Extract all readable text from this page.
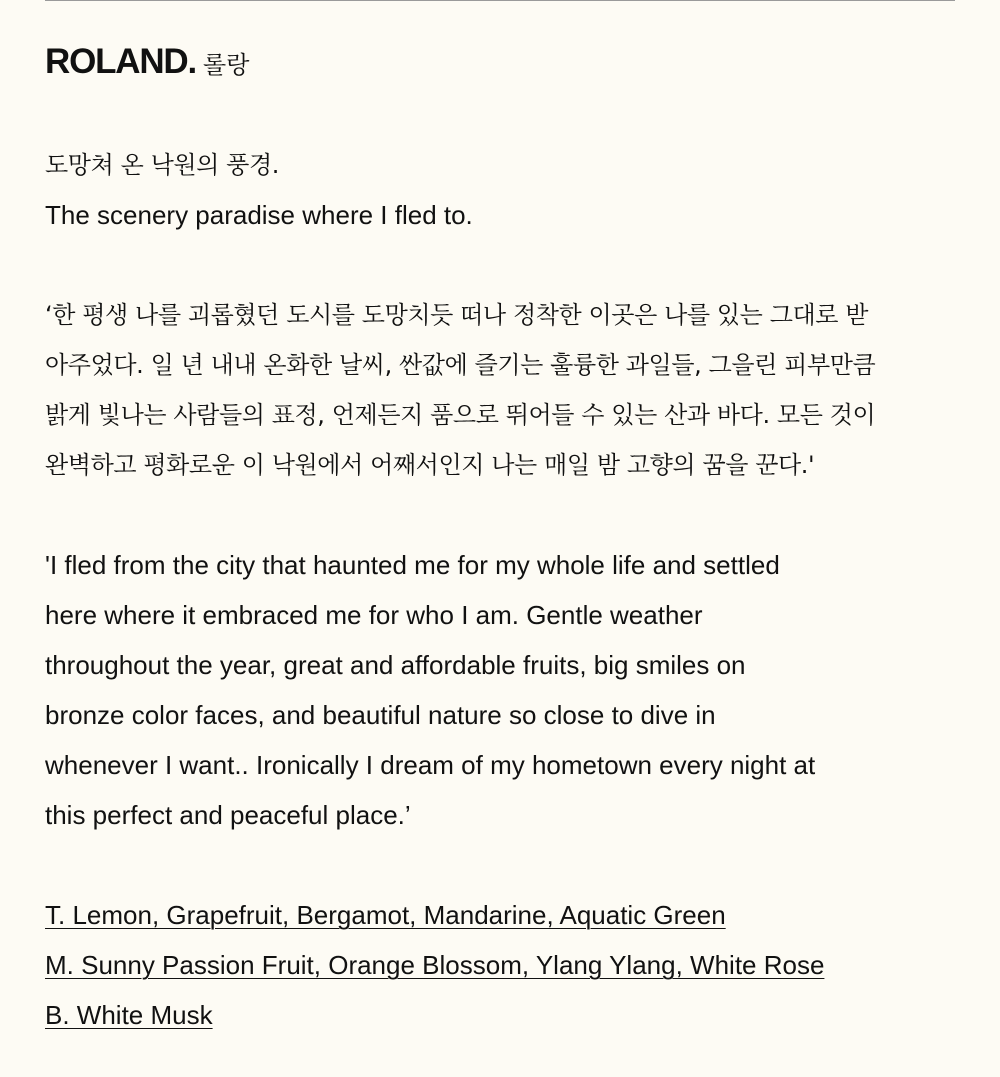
ROLAND. 롤랑

도망쳐 온 낙원의 풍경.

The scenery paradise where I fled to.

‘한 평생 나를 괴롭혔던 도시를 도망치듯 떠나 정착한 이곳은 나를 있는 그대로 받

아주었다. 일 년 내내 온화한 날씨, 싼값에 즐기는 훌륭한 과일들, 그을린 피부만큼

밝게 빛나는 사람들의 표정, 언제든지 품으로 뛰어들 수 있는 산과 바다. 모든 것이

완벽하고 평화로운 이 낙원에서 어째서인지 나는 매일 밤 고향의 꿈을 꾼다.'

'I fled from the city that haunted me for my whole life and settled

here where it embraced me for who I am. Gentle weather

throughout the year, great and affordable fruits, big smiles on

bronze color faces, and beautiful nature so close to dive in

whenever I want.. Ironically I dream of my hometown every night at

this perfect and peaceful place.’

T. Lemon, Grapefruit, Bergamot, Mandarine, Aquatic Green

M. Sunny Passion Fruit, Orange Blossom, Ylang Ylang, White Rose

B. White Musk
